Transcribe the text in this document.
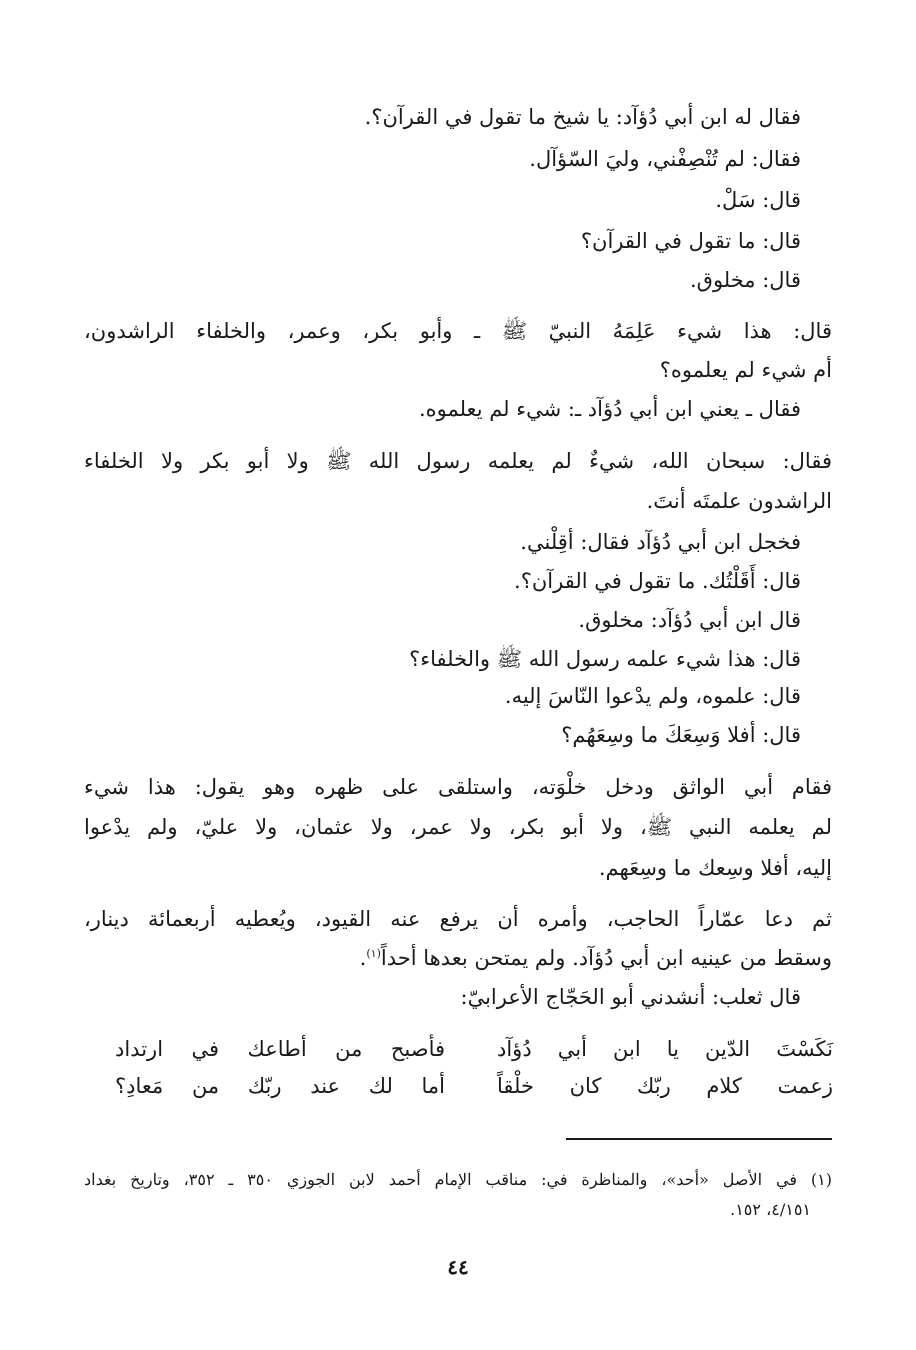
فقال له ابن أبي دُؤآد: يا شيخ ما تقول في القرآن؟.
فقال: لم تُنْصِفْني، وليَ السّؤآل.
قال: سَلْ.
قال: ما تقول في القرآن؟
قال: مخلوق.
قال: هذا شيء عَلِمَهُ النبيّ ﷺ ـ وأبو بكر، وعمر، والخلفاء الراشدون،
أم شيء لم يعلموه؟
فقال ـ يعني ابن أبي دُؤآد ـ: شيء لم يعلموه.
فقال: سبحان الله، شيءٌ لم يعلمه رسول الله ﷺ ولا أبو بكر ولا الخلفاء
الراشدون علمتَه أنتَ.
فخجل ابن أبي دُؤآد فقال: أقِلْني.
قال: أَقَلْتُك. ما تقول في القرآن؟.
قال ابن أبي دُؤآد: مخلوق.
قال: هذا شيء علمه رسول الله ﷺ والخلفاء؟
قال: علموه، ولم يدْعوا النّاسَ إليه.
قال: أفلا وَسِعَكَ ما وسِعَهُم؟
فقام أبي الواثق ودخل خلْوَته، واستلقى على ظهره وهو يقول: هذا شيء
لم يعلمه النبي ﷺ، ولا أبو بكر، ولا عمر، ولا عثمان، ولا عليّ، ولم يدْعوا
إليه، أفلا وسِعك ما وسِعَهم.
ثم دعا عمّاراً الحاجب، وأمره أن يرفع عنه القيود، ويُعطيه أربعمائة دينار،
وسقط من عينيه ابن أبي دُؤآد. ولم يمتحن بعدها أحداً$^{(١)}$.
قال ثعلب: أنشدني أبو الحَجّاج الأعرابيّ:
نَكَسْتَ الدّين يا ابن أبي دُؤآد
فأصبح من أطاعك في ارتداد
زعمت كلام ربّك كان خلْقاً
أما لك عند ربّك من مَعادِ؟
(١) في الأصل «أحد»، والمناظرة في: مناقب الإمام أحمد لابن الجوزي ٣٥٠ ـ ٣٥٢، وتاريخ بغداد
٤/١٥١، ١٥٢.
٤٤
